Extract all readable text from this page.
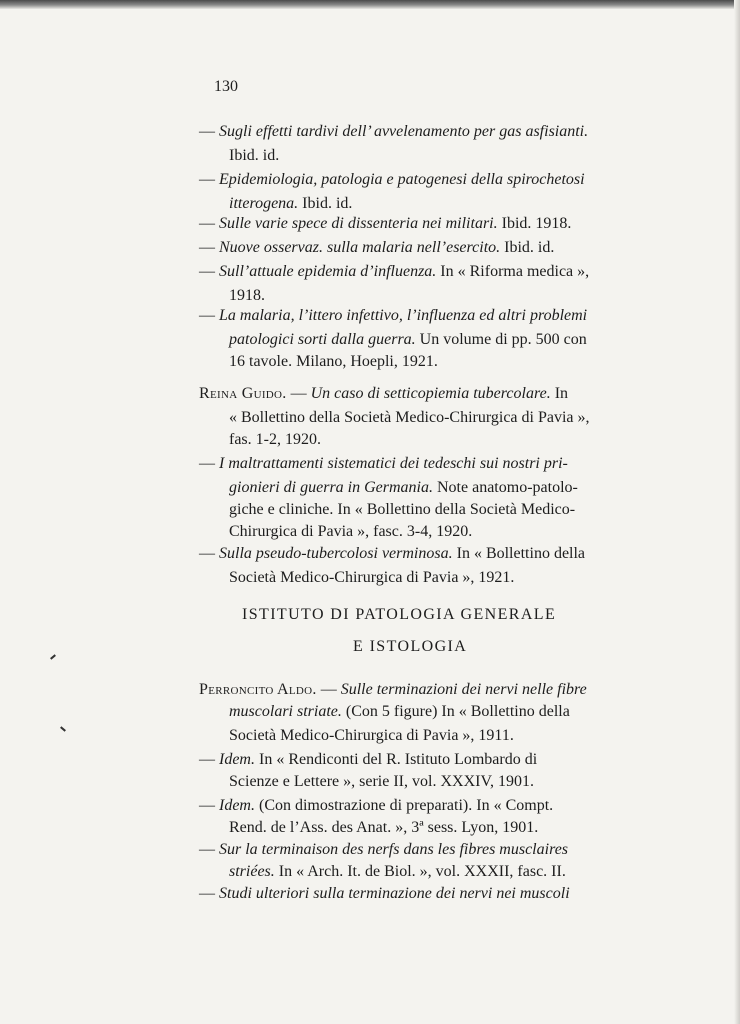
130
— Sugli effetti tardivi dell’ avvelenamento per gas asfisianti.
Ibid. id.
— Epidemiologia, patologia e patogenesi della spirochetosi
itterogena. Ibid. id.
— Sulle varie spece di dissenteria nei militari. Ibid. 1918.
— Nuove osservaz. sulla malaria nell’esercito. Ibid. id.
— Sull’attuale epidemia d’influenza. In « Riforma medica »,
1918.
— La malaria, l’ittero infettivo, l’influenza ed altri problemi
patologici sorti dalla guerra. Un volume di pp. 500 con
16 tavole. Milano, Hoepli, 1921.
Reina Guido. — Un caso di setticopiemia tubercolare. In
« Bollettino della Società Medico-Chirurgica di Pavia »,
fas. 1-2, 1920.
— I maltrattamenti sistematici dei tedeschi sui nostri pri-
gionieri di guerra in Germania. Note anatomo-patolo-
giche e cliniche. In « Bollettino della Società Medico-
Chirurgica di Pavia », fasc. 3-4, 1920.
— Sulla pseudo-tubercolosi verminosa. In « Bollettino della
Società Medico-Chirurgica di Pavia », 1921.
ISTITUTO DI PATOLOGIA GENERALE
E ISTOLOGIA
Perroncito Aldo. — Sulle terminazioni dei nervi nelle fibre
muscolari striate. (Con 5 figure) In « Bollettino della
Società Medico-Chirurgica di Pavia », 1911.
— Idem. In « Rendiconti del R. Istituto Lombardo di
Scienze e Lettere », serie II, vol. XXXIV, 1901.
— Idem. (Con dimostrazione di preparati). In « Compt.
Rend. de l’Ass. des Anat. », 3ª sess. Lyon, 1901.
— Sur la terminaison des nerfs dans les fibres musclaires
striées. In « Arch. It. de Biol. », vol. XXXII, fasc. II.
— Studi ulteriori sulla terminazione dei nervi nei muscoli
